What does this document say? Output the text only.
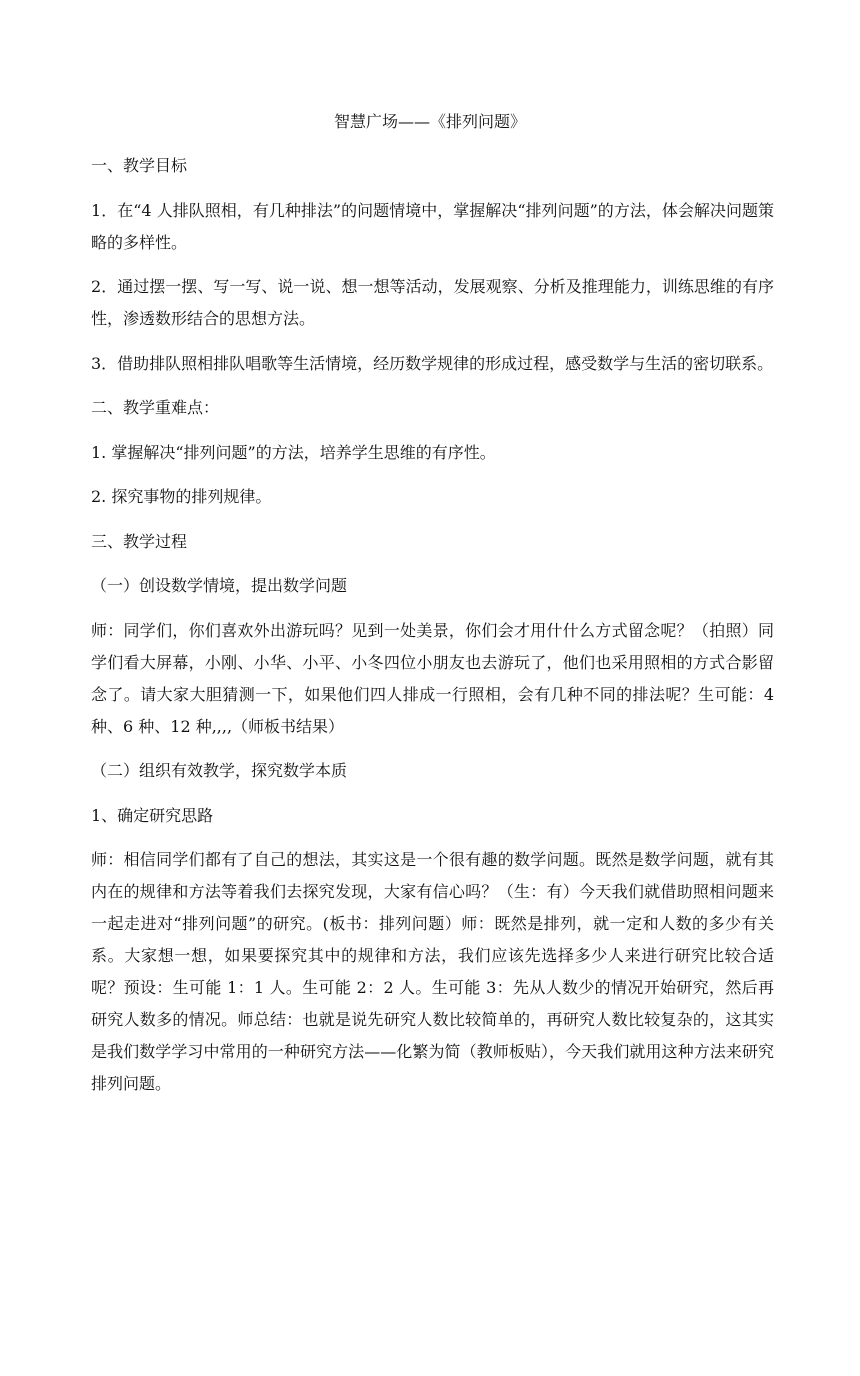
智慧广场——《排列问题》

一、教学目标

1．在“4 人排队照相，有几种排法”的问题情境中，掌握解决“排列问题”的方法，体会解决问题策略的多样性。

2．通过摆一摆、写一写、说一说、想一想等活动，发展观察、分析及推理能力，训练思维的有序性，渗透数形结合的思想方法。

3．借助排队照相排队唱歌等生活情境，经历数学规律的形成过程，感受数学与生活的密切联系。

二、教学重难点：

1. 掌握解决“排列问题”的方法，培养学生思维的有序性。

2. 探究事物的排列规律。

三、教学过程

（一）创设数学情境，提出数学问题

师：同学们，你们喜欢外出游玩吗？见到一处美景，你们会才用什什么方式留念呢？（拍照）同学们看大屏幕，小刚、小华、小平、小冬四位小朋友也去游玩了，他们也采用照相的方式合影留念了。请大家大胆猜测一下，如果他们四人排成一行照相，会有几种不同的排法呢？生可能：4 种、6 种、12 种,,,,（师板书结果）

（二）组织有效教学，探究数学本质

1、确定研究思路

师：相信同学们都有了自己的想法，其实这是一个很有趣的数学问题。既然是数学问题，就有其内在的规律和方法等着我们去探究发现，大家有信心吗？（生：有）今天我们就借助照相问题来一起走进对“排列问题”的研究。(板书：排列问题）师：既然是排列，就一定和人数的多少有关系。大家想一想，如果要探究其中的规律和方法，我们应该先选择多少人来进行研究比较合适呢？预设：生可能 1：1 人。生可能 2：2 人。生可能 3：先从人数少的情况开始研究，然后再研究人数多的情况。师总结：也就是说先研究人数比较简单的，再研究人数比较复杂的，这其实是我们数学学习中常用的一种研究方法——化繁为简（教师板贴），今天我们就用这种方法来研究排列问题。
